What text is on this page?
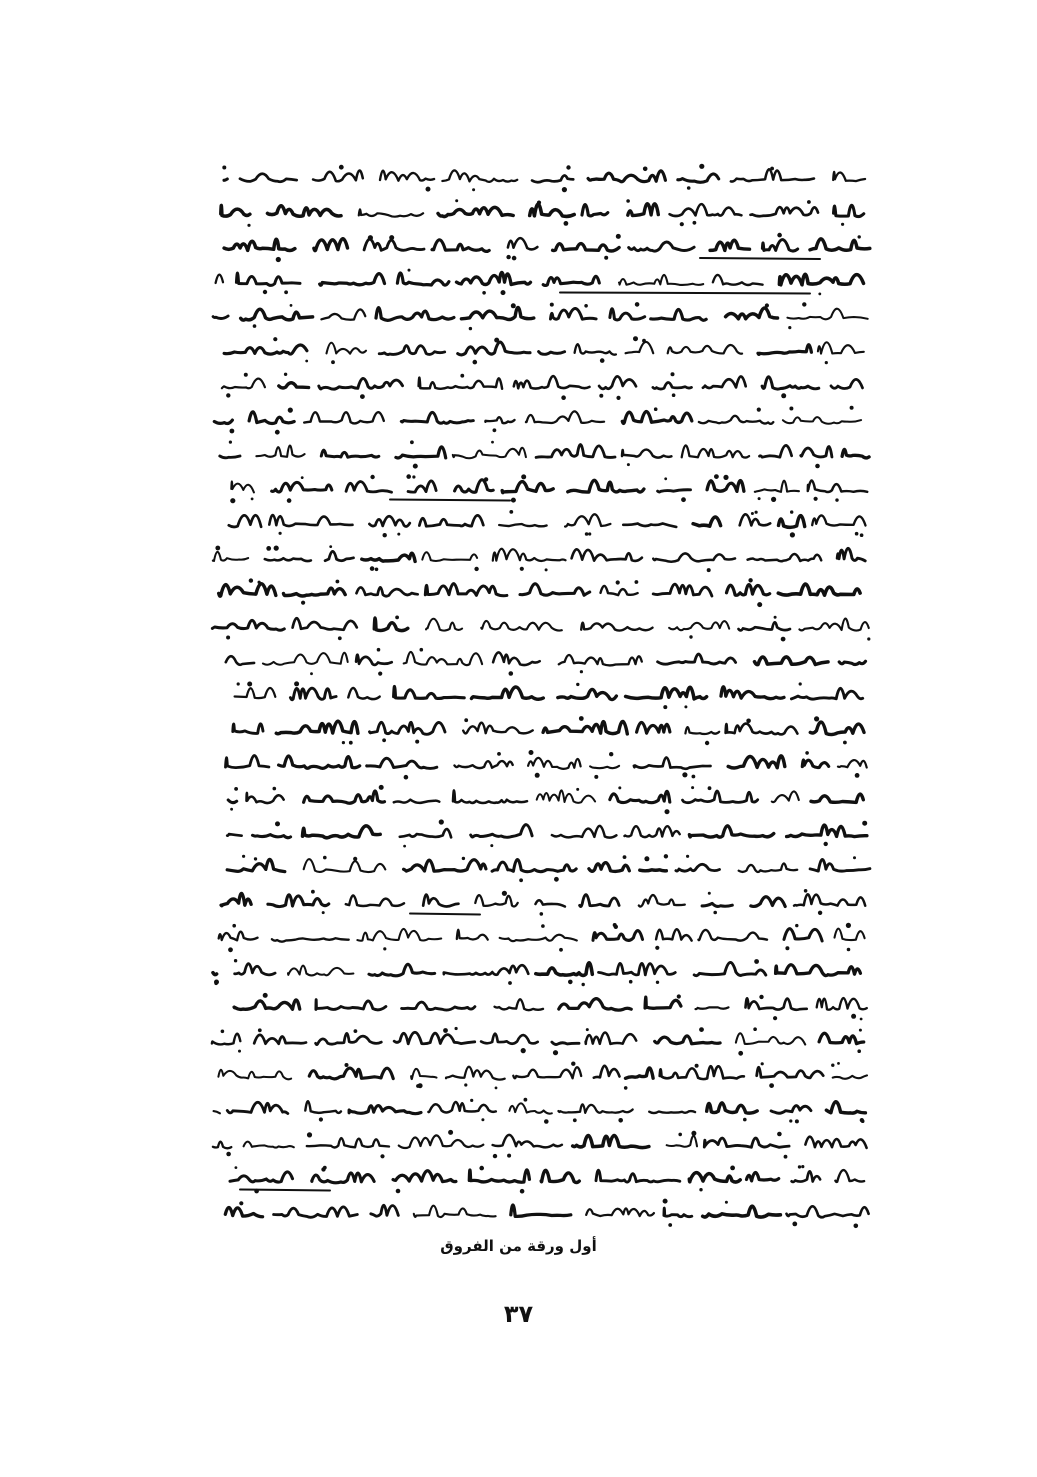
أول ورقة من الفروق
٣٧
